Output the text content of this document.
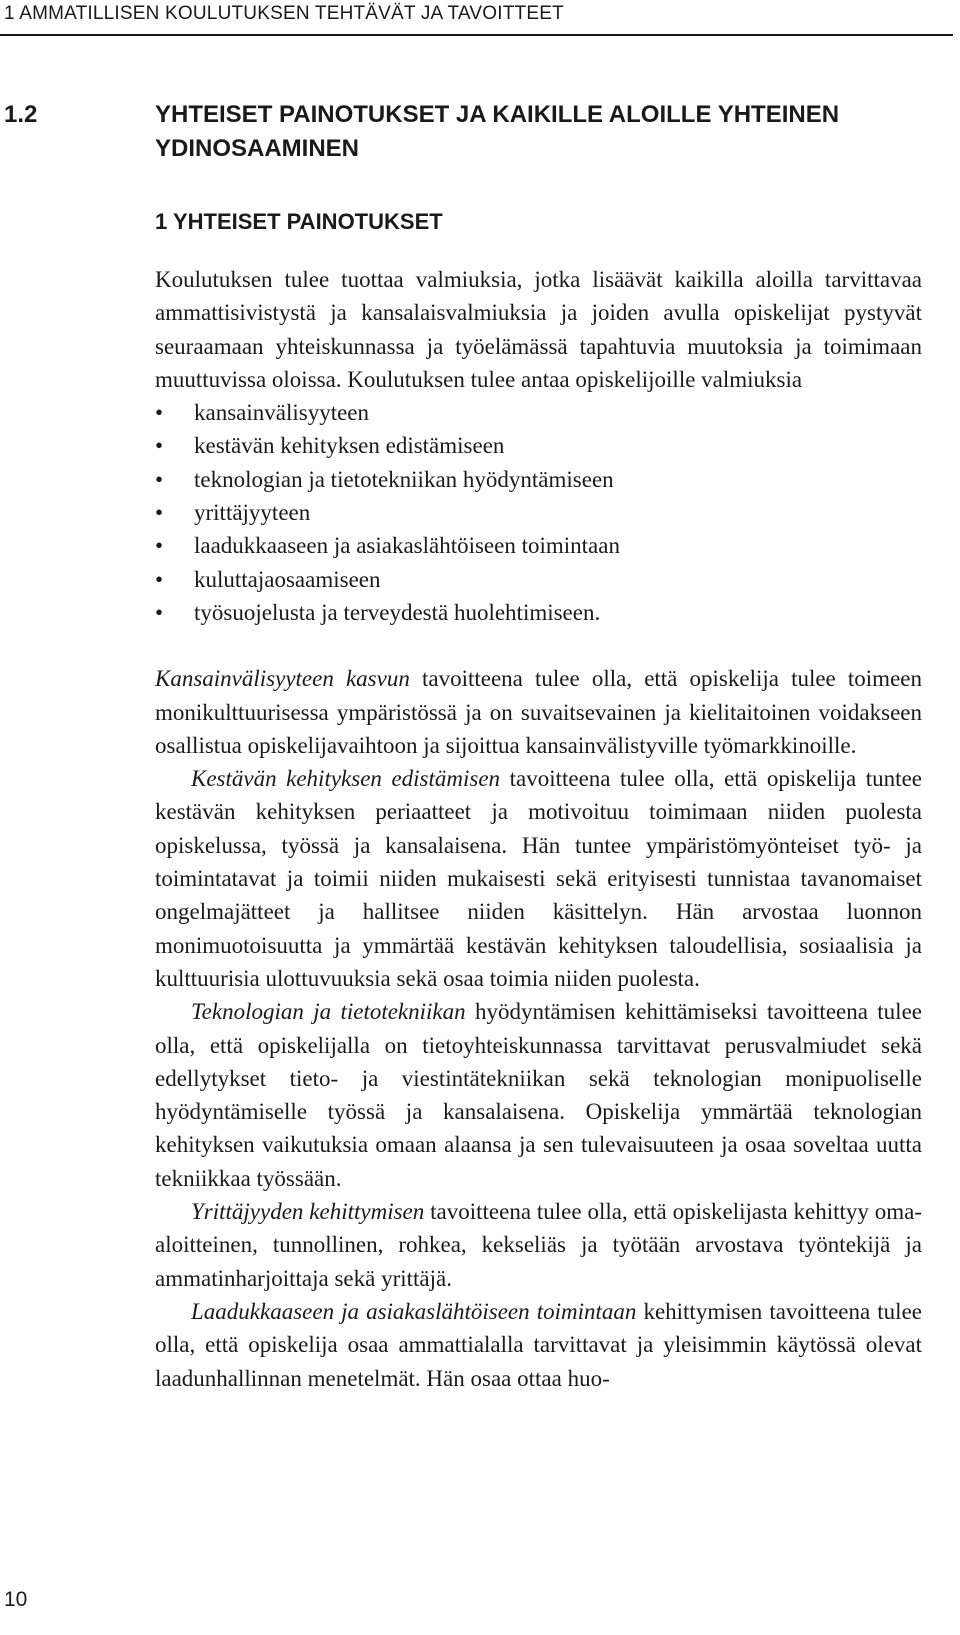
1 AMMATILLISEN KOULUTUKSEN TEHTÄVÄT JA TAVOITTEET
1.2	YHTEISET PAINOTUKSET JA KAIKILLE ALOILLE YHTEINEN YDINOSAAMINEN
1 YHTEISET PAINOTUKSET

Koulutuksen tulee tuottaa valmiuksia, jotka lisäävät kaikilla aloilla tarvittavaa ammattisivistystä ja kansalaisvalmiuksia ja joiden avulla opiskelijat pystyvät seuraamaan yhteiskunnassa ja työelämässä tapahtuvia muutoksia ja toimimaan muuttuvissa oloissa. Koulutuksen tulee antaa opiskelijoille valmiuksia

• kansainvälisyyteen
• kestävän kehityksen edistämiseen
• teknologian ja tietotekniikan hyödyntämiseen
• yrittäjyyteen
• laadukkaaseen ja asiakaslähtöiseen toimintaan
• kuluttajaosaamiseen
• työsuojelusta ja terveydestä huolehtimiseen.

Kansainvälisyyteen kasvun tavoitteena tulee olla, että opiskelija tulee toimeen monikulttuurisessa ympäristössä ja on suvaitsevainen ja kielitaitoinen voidakseen osallistua opiskelijavaihtoon ja sijoittua kansainvälistyville työmarkkinoille.

Kestävän kehityksen edistämisen tavoitteena tulee olla, että opiskelija tuntee kestävän kehityksen periaatteet ja motivoituu toimimaan niiden puolesta opiskelussa, työssä ja kansalaisena. Hän tuntee ympäristömyönteiset työ- ja toimintatavat ja toimii niiden mukaisesti sekä erityisesti tunnistaa tavanomaiset ongelmajätteet ja hallitsee niiden käsittelyn. Hän arvostaa luonnon monimuotoisuutta ja ymmärtää kestävän kehityksen taloudellisia, sosiaalisia ja kulttuurisia ulottuvuuksia sekä osaa toimia niiden puolesta.

Teknologian ja tietotekniikan hyödyntämisen kehittämiseksi tavoitteena tulee olla, että opiskelijalla on tietoyhteiskunnassa tarvittavat perusvalmiudet sekä edellytykset tieto- ja viestintätekniikan sekä teknologian monipuoliselle hyödyntämiselle työssä ja kansalaisena. Opiskelija ymmärtää teknologian kehityksen vaikutuksia omaan alaansa ja sen tulevaisuuteen ja osaa soveltaa uutta tekniikkaa työssään.

Yrittäjyyden kehittymisen tavoitteena tulee olla, että opiskelijasta kehittyy oma-aloitteinen, tunnollinen, rohkea, kekseliäs ja työtään arvostava työntekijä ja ammatinharjoittaja sekä yrittäjä.

Laadukkaaseen ja asiakaslähtöiseen toimintaan kehittymisen tavoitteena tulee olla, että opiskelija osaa ammattialalla tarvittavat ja yleisimmin käytössä olevat laadunhallinnan menetelmät. Hän osaa ottaa huo-

10
